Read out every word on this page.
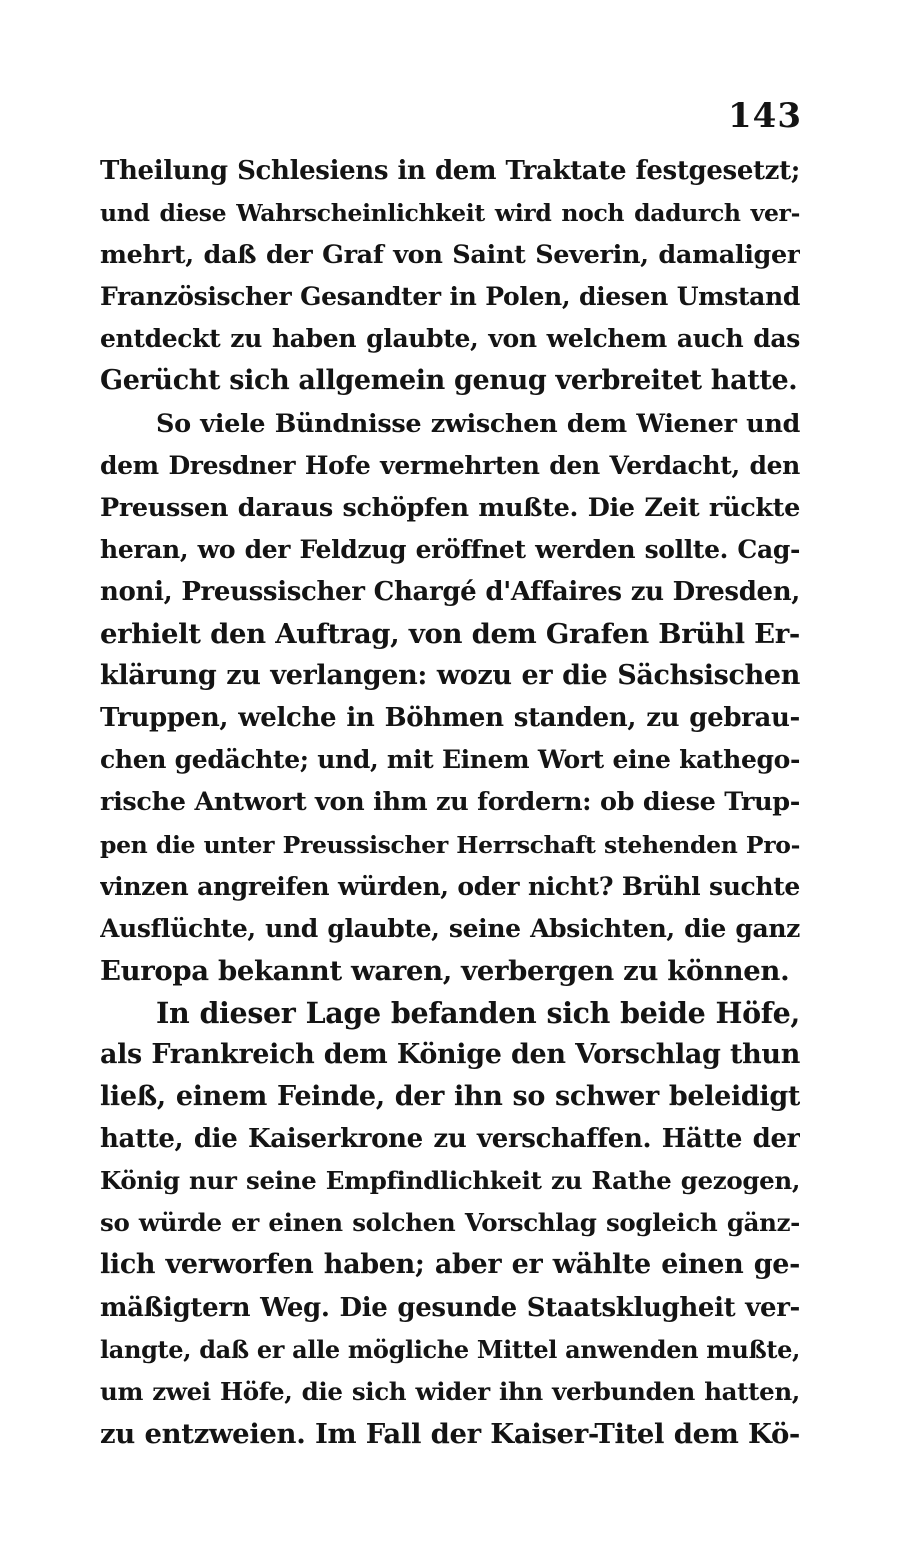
143
Theilung Schlesiens in dem Traktate festgesetzt;
und diese Wahrscheinlichkeit wird noch dadurch ver-
mehrt, daß der Graf von Saint Severin, damaliger
Französischer Gesandter in Polen, diesen Umstand
entdeckt zu haben glaubte, von welchem auch das
Gerücht sich allgemein genug verbreitet hatte.
So viele Bündnisse zwischen dem Wiener und
dem Dresdner Hofe vermehrten den Verdacht, den
Preussen daraus schöpfen mußte. Die Zeit rückte
heran, wo der Feldzug eröffnet werden sollte. Cag-
noni, Preussischer Chargé d'Affaires zu Dresden,
erhielt den Auftrag, von dem Grafen Brühl Er-
klärung zu verlangen: wozu er die Sächsischen
Truppen, welche in Böhmen standen, zu gebrau-
chen gedächte; und, mit Einem Wort eine kathego-
rische Antwort von ihm zu fordern: ob diese Trup-
pen die unter Preussischer Herrschaft stehenden Pro-
vinzen angreifen würden, oder nicht? Brühl suchte
Ausflüchte, und glaubte, seine Absichten, die ganz
Europa bekannt waren, verbergen zu können.
In dieser Lage befanden sich beide Höfe,
als Frankreich dem Könige den Vorschlag thun
ließ, einem Feinde, der ihn so schwer beleidigt
hatte, die Kaiserkrone zu verschaffen. Hätte der
König nur seine Empfindlichkeit zu Rathe gezogen,
so würde er einen solchen Vorschlag sogleich gänz-
lich verworfen haben; aber er wählte einen ge-
mäßigtern Weg. Die gesunde Staatsklugheit ver-
langte, daß er alle mögliche Mittel anwenden mußte,
um zwei Höfe, die sich wider ihn verbunden hatten,
zu entzweien. Im Fall der Kaiser-Titel dem Kö-
